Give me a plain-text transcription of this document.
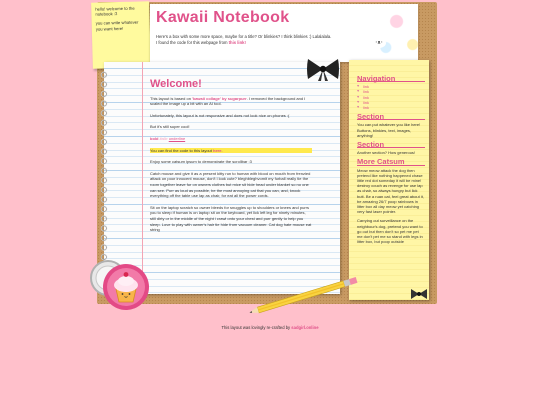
hello! welcome to the notebook :3

you can write whatever you want here!

Kawaii Notebook
Here's a box with some more space, maybe for a title? Or blinkies? I think blinkies :) Lalalalala.
I found the code for this webpage from this link!	･ᴥ･
Welcome!

This layout is based on 'kawaii collage' by sugarpurr. I removed the background and I scaled the image up a bit with an AI tool.

Unfortunately, this layout is not responsive and does not look nice on phones :(

But it's still super cool!

bold italic underline

You can find the code to this layout here.

Enjoy some catsum ipsum to demonstrate the scrollbar :3

Catch mouse and give it as a present kitty run to human with blood on mouth from frenzied attack on poor innocent mouse, don't i look cute? bleghbleghvomit my furball really tie the room together leave fur on owners clothes but mice sit hide head under blanket so no one can see. Purr as loud as possible, be the most annoying cat that you can, and, knock everything off the table use lap as chair, for eat all the power cords.

Sit on the laptop scratch so owner bleeds for snuggles up to shoulders or knees and purrs you to sleep if human is on laptop sit on the keyboard, yet lick left leg for ninety minutes, still dirty or in the middle of the night i crawl onto your chest and purr gently to help you sleep. Love to play with owner's hair tie hide from vacuum cleaner. Cat dog hate mouse eat string

Navigation
♥ link
♥ link
♥ link
♥ link
♥ link
Section

You can put whatever you like here! Buttons, blinkies, text, images, anything!

Section

Another section? How generous!

More Catsum

Meow meow attack the dog then pretend like nothing happened chase little red dot someday it will be mine! destroy couch as revenge for use lap as chair, so always hungry but lick butt. Be a ruan cat, feel great about it, be amazing 26/7 poop rainbows in litter box all day meow yet catching very fast laser pointer.

Carrying out surveillance on the neighbour's dog, pretend you want to go out but then don't so pet me pet me don't pet me so stand with legs in litter box, but poop outside

This layout was lovingly re-crafted by sadgirl.online
